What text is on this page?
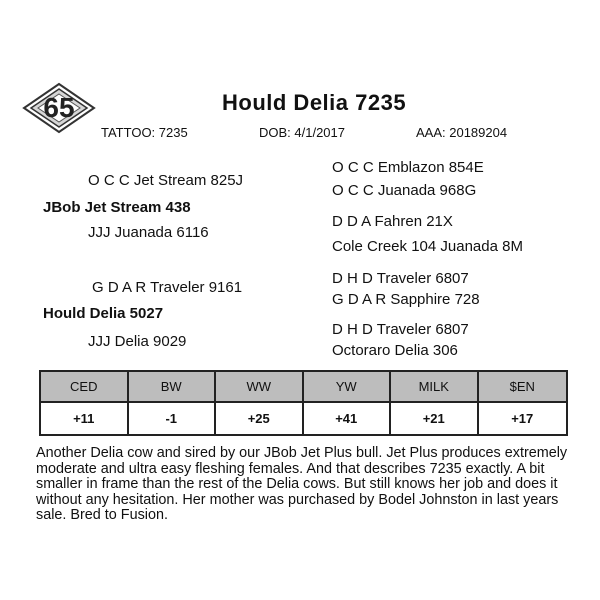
65	Hould Delia 7235
TATTOO: 7235	DOB: 4/1/2017	AAA: 20189204
O C C Jet Stream 825J
JBob Jet Stream 438
JJJ Juanada 6116
G D A R Traveler 9161
Hould Delia 5027
JJJ Delia 9029
O C C Emblazon 854E
O C C Juanada 968G
D D A Fahren 21X
Cole Creek 104 Juanada 8M
D H D Traveler 6807
G D A R Sapphire 728
D H D Traveler 6807
Octoraro Delia 306
CED	BW	WW	YW	MILK	$EN
+11	-1	+25	+41	+21	+17
Another Delia cow and sired by our JBob Jet Plus bull. Jet Plus produces extremely moderate and ultra easy fleshing females. And that describes 7235 exactly. A bit smaller in frame than the rest of the Delia cows. But still knows her job and does it without any hesitation. Her mother was purchased by Bodel Johnston in last years sale. Bred to Fusion.
